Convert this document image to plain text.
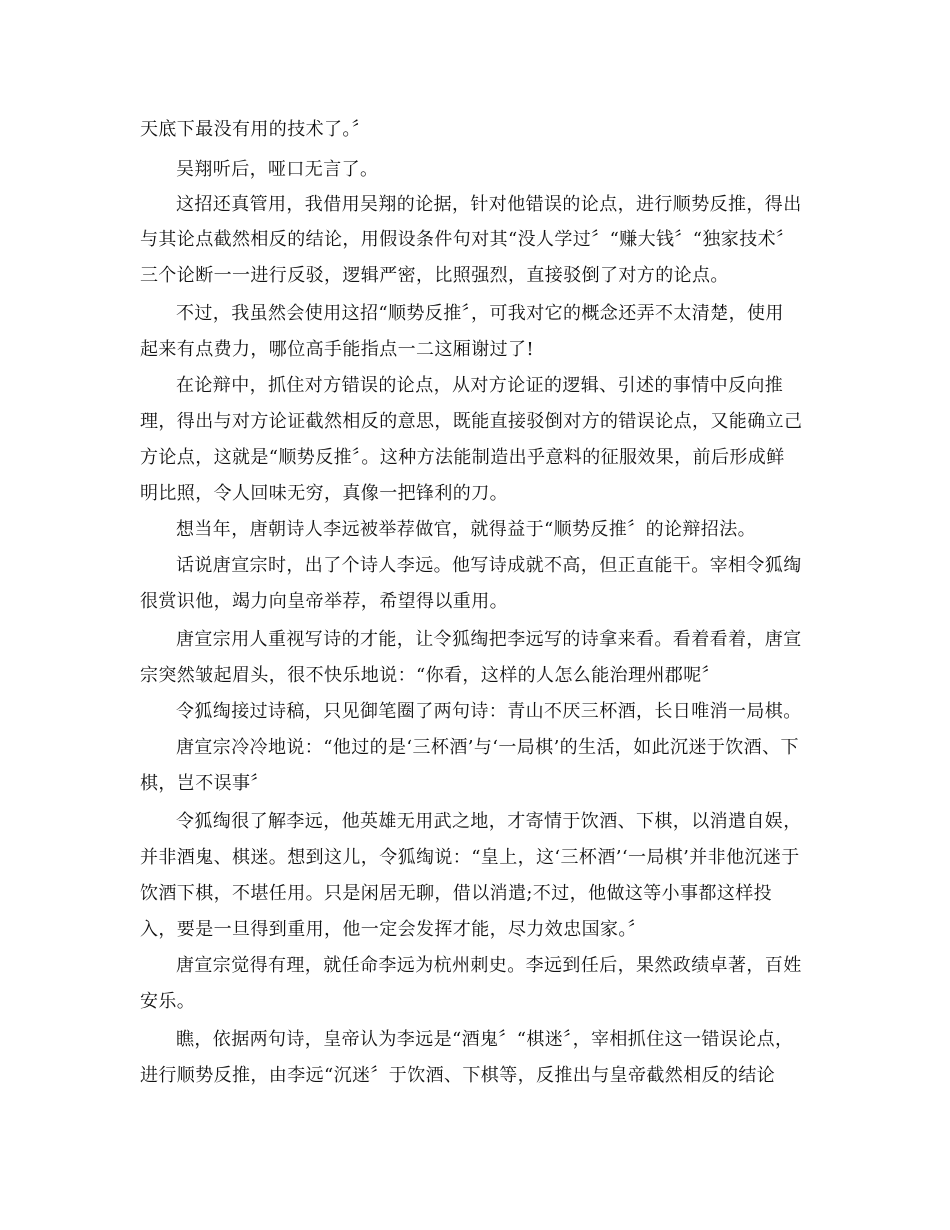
天底下最没有用的技术了。〞
吴翔听后，哑口无言了。
这招还真管用，我借用吴翔的论据，针对他错误的论点，进行顺势反推，得出
与其论点截然相反的结论，用假设条件句对其“没人学过〞“赚大钱〞“独家技术〞
三个论断一一进行反驳，逻辑严密，比照强烈，直接驳倒了对方的论点。
不过，我虽然会使用这招“顺势反推〞，可我对它的概念还弄不太清楚，使用
起来有点费力，哪位高手能指点一二这厢谢过了!
在论辩中，抓住对方错误的论点，从对方论证的逻辑、引述的事情中反向推
理，得出与对方论证截然相反的意思，既能直接驳倒对方的错误论点，又能确立己
方论点，这就是“顺势反推〞。这种方法能制造出乎意料的征服效果，前后形成鲜
明比照，令人回味无穷，真像一把锋利的刀。
想当年，唐朝诗人李远被举荐做官，就得益于“顺势反推〞的论辩招法。
话说唐宣宗时，出了个诗人李远。他写诗成就不高，但正直能干。宰相令狐绹
很赏识他，竭力向皇帝举荐，希望得以重用。
唐宣宗用人重视写诗的才能，让令狐绹把李远写的诗拿来看。看着看着，唐宣
宗突然皱起眉头，很不快乐地说：“你看，这样的人怎么能治理州郡呢〞
令狐绹接过诗稿，只见御笔圈了两句诗：青山不厌三杯酒，长日唯消一局棋。
唐宣宗冷冷地说：“他过的是‘三杯酒’与‘一局棋’的生活，如此沉迷于饮酒、下
棋，岂不误事〞
令狐绹很了解李远，他英雄无用武之地，才寄情于饮酒、下棋，以消遣自娱，
并非酒鬼、棋迷。想到这儿，令狐绹说：“皇上，这‘三杯酒’‘一局棋’并非他沉迷于
饮酒下棋，不堪任用。只是闲居无聊，借以消遣;不过，他做这等小事都这样投
入，要是一旦得到重用，他一定会发挥才能，尽力效忠国家。〞
唐宣宗觉得有理，就任命李远为杭州刺史。李远到任后，果然政绩卓著，百姓
安乐。
瞧，依据两句诗，皇帝认为李远是“酒鬼〞“棋迷〞，宰相抓住这一错误论点，
进行顺势反推，由李远“沉迷〞于饮酒、下棋等，反推出与皇帝截然相反的结论
